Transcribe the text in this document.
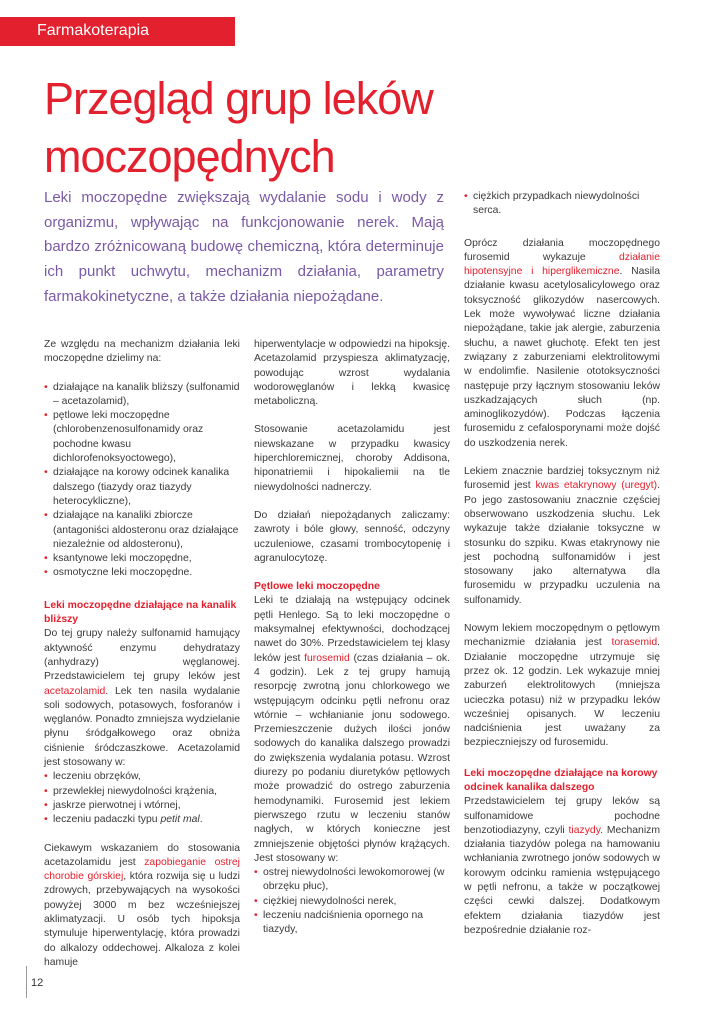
Farmakoterapia
Przegląd grup leków
moczopędnych

Leki moczopędne zwiększają wydalanie sodu i wody z organizmu, wpływając na funkcjonowanie nerek. Mają bardzo zróżnicowaną budowę chemiczną, która determinuje ich punkt uchwytu, mechanizm działania, parametry farmakokinetyczne, a także działania niepożądane.

Ze względu na mechanizm działania leki moczopędne dzielimy na:

• działające na kanalik bliższy (sulfonamid – acetazolamid),
• pętlowe leki moczopędne (chlorobenzenosulfonamidy oraz pochodne kwasu dichlorofenoksyoctowego),
• działające na korowy odcinek kanalika dalszego (tiazydy oraz tiazydy heterocykliczne),
• działające na kanaliki zbiorcze (antagoniści aldosteronu oraz działające niezależnie od aldosteronu),
• ksantynowe leki moczopędne,
• osmotyczne leki moczopędne.
Leki moczopędne działające na kanalik bliższy

Do tej grupy należy sulfonamid hamujący aktywność enzymu dehydratazy (anhydrazy) węglanowej. Przedstawicielem tej grupy leków jest acetazolamid. Lek ten nasila wydalanie soli sodowych, potasowych, fosforanów i węglanów. Ponadto zmniejsza wydzielanie płynu śródgałkowego oraz obniża ciśnienie śródczaszkowe. Acetazolamid jest stosowany w:

• leczeniu obrzęków,
• przewlekłej niewydolności krążenia,
• jaskrze pierwotnej i wtórnej,
• leczeniu padaczki typu petit mal.

Ciekawym wskazaniem do stosowania acetazolamidu jest zapobieganie ostrej chorobie górskiej, która rozwija się u ludzi zdrowych, przebywających na wysokości powyżej 3000 m bez wcześniejszej aklimatyzacji. U osób tych hipoksja stymuluje hiperwentylację, która prowadzi do alkalozy oddechowej. Alkaloza z kolei hamuje

hiperwentylacje w odpowiedzi na hipoksję. Acetazolamid przyspiesza aklimatyzację, powodując wzrost wydalania wodorowęglanów i lekką kwasicę metaboliczną.

Stosowanie acetazolamidu jest niewskazane w przypadku kwasicy hiperchloremicznej, choroby Addisona, hiponatriemii i hipokaliemii na tle niewydolności nadnerczy.

Do działań niepożądanych zaliczamy: zawroty i bóle głowy, senność, odczyny uczuleniowe, czasami trombocytopenię i agranulocytozę.

Pętlowe leki moczopędne

Leki te działają na wstępujący odcinek pętli Henlego. Są to leki moczopędne o maksymalnej efektywności, dochodzącej nawet do 30%. Przedstawicielem tej klasy leków jest furosemid (czas działania – ok. 4 godzin). Lek z tej grupy hamują resorpcję zwrotną jonu chlorkowego we wstępującym odcinku pętli nefronu oraz wtórnie – wchłanianie jonu sodowego. Przemieszczenie dużych ilości jonów sodowych do kanalika dalszego prowadzi do zwiększenia wydalania potasu. Wzrost diurezy po podaniu diuretyków pętlowych może prowadzić do ostrego zaburzenia hemodynamiki. Furosemid jest lekiem pierwszego rzutu w leczeniu stanów nagłych, w których konieczne jest zmniejszenie objętości płynów krążących. Jest stosowany w:

• ostrej niewydolności lewokomorowej (w obrzęku płuc),
• ciężkiej niewydolności nerek,
• leczeniu nadciśnienia opornego na tiazydy,
• ciężkich przypadkach niewydolności serca.

Oprócz działania moczopędnego furosemid wykazuje działanie hipotensyjne i hiperglikemiczne. Nasila działanie kwasu acetylosalicylowego oraz toksyczność glikozydów nasercowych. Lek może wywoływać liczne działania niepożądane, takie jak alergie, zaburzenia słuchu, a nawet głuchotę. Efekt ten jest związany z zaburzeniami elektrolitowymi w endolimfie. Nasilenie ototoksyczności następuje przy łącznym stosowaniu leków uszkadzających słuch (np. aminoglikozydów). Podczas łączenia furosemidu z cefalosporynami może dojść do uszkodzenia nerek.

Lekiem znacznie bardziej toksycznym niż furosemid jest kwas etakrynowy (uregyt). Po jego zastosowaniu znacznie częściej obserwowano uszkodzenia słuchu. Lek wykazuje także działanie toksyczne w stosunku do szpiku. Kwas etakrynowy nie jest pochodną sulfonamidów i jest stosowany jako alternatywa dla furosemidu w przypadku uczulenia na sulfonamidy.

Nowym lekiem moczopędnym o pętlowym mechanizmie działania jest torasemid. Działanie moczopędne utrzymuje się przez ok. 12 godzin. Lek wykazuje mniej zaburzeń elektrolitowych (mniejsza ucieczka potasu) niż w przypadku leków wcześniej opisanych. W leczeniu nadciśnienia jest uważany za bezpieczniejszy od furosemidu.

Leki moczopędne działające na korowy odcinek kanalika dalszego

Przedstawicielem tej grupy leków są sulfonamidowe pochodne benzotiodiazyny, czyli tiazydy. Mechanizm działania tiazydów polega na hamowaniu wchłaniania zwrotnego jonów sodowych w korowym odcinku ramienia wstępującego w pętli nefronu, a także w początkowej części cewki dalszej. Dodatkowym efektem działania tiazydów jest bezpośrednie działanie roz-

12
